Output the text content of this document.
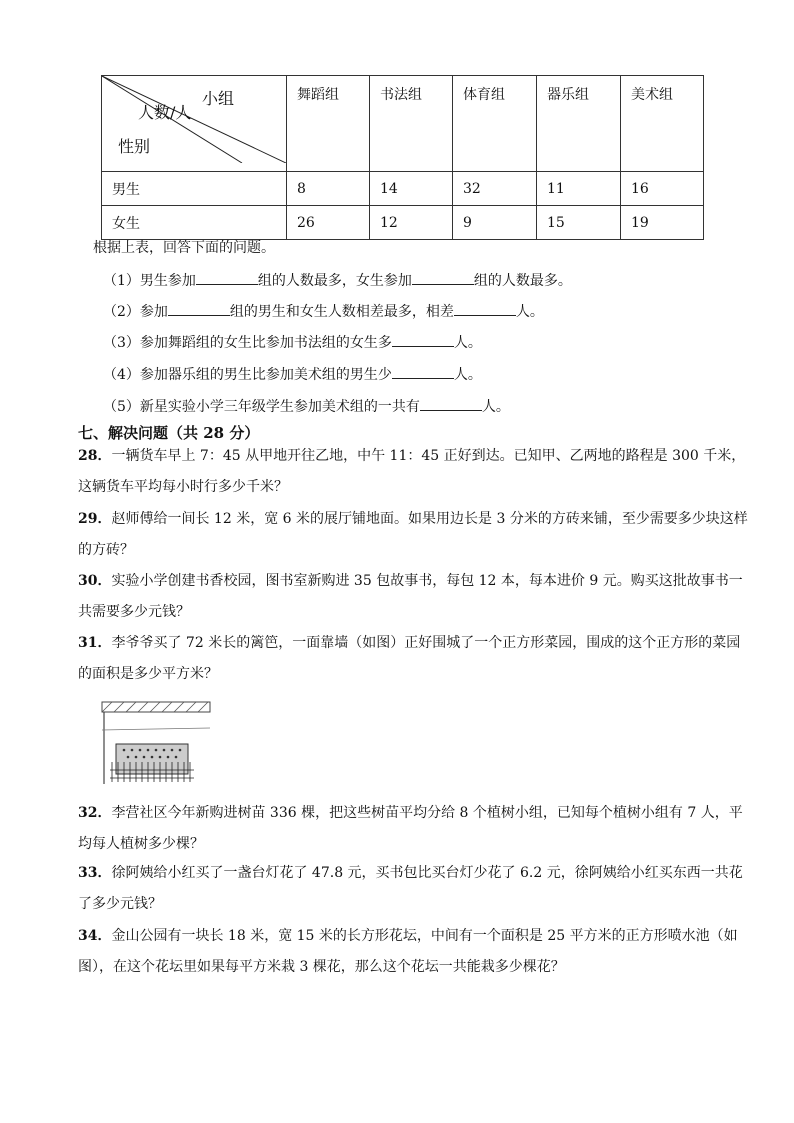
小组
人数/人
性别	舞蹈组	书法组	体育组	器乐组	美术组
男生	8	14	32	11	16
女生	26	12	9	15	19
根据上表，回答下面的问题。
（1）男生参加	组的人数最多，女生参加	组的人数最多。
（2）参加	组的男生和女生人数相差最多，相差	人。
（3）参加舞蹈组的女生比参加书法组的女生多	人。
（4）参加器乐组的男生比参加美术组的男生少	人。
（5）新星实验小学三年级学生参加美术组的一共有	人。
七、解决问题（共 28 分）
28．一辆货车早上 7：45 从甲地开往乙地，中午 11：45 正好到达。已知甲、乙两地的路程是 300 千米，这辆货车平均每小时行多少千米？
29．赵师傅给一间长 12 米，宽 6 米的展厅铺地面。如果用边长是 3 分米的方砖来铺，至少需要多少块这样的方砖？
30．实验小学创建书香校园，图书室新购进 35 包故事书，每包 12 本，每本进价 9 元。购买这批故事书一共需要多少元钱？
31．李爷爷买了 72 米长的篱笆，一面靠墙（如图）正好围城了一个正方形菜园，围成的这个正方形的菜园的面积是多少平方米？
32．李营社区今年新购进树苗 336 棵，把这些树苗平均分给 8 个植树小组，已知每个植树小组有 7 人，平均每人植树多少棵？
33．徐阿姨给小红买了一盏台灯花了 47.8 元，买书包比买台灯少花了 6.2 元，徐阿姨给小红买东西一共花了多少元钱？
34．金山公园有一块长 18 米，宽 15 米的长方形花坛，中间有一个面积是 25 平方米的正方形喷水池（如图），在这个花坛里如果每平方米栽 3 棵花，那么这个花坛一共能栽多少棵花？
